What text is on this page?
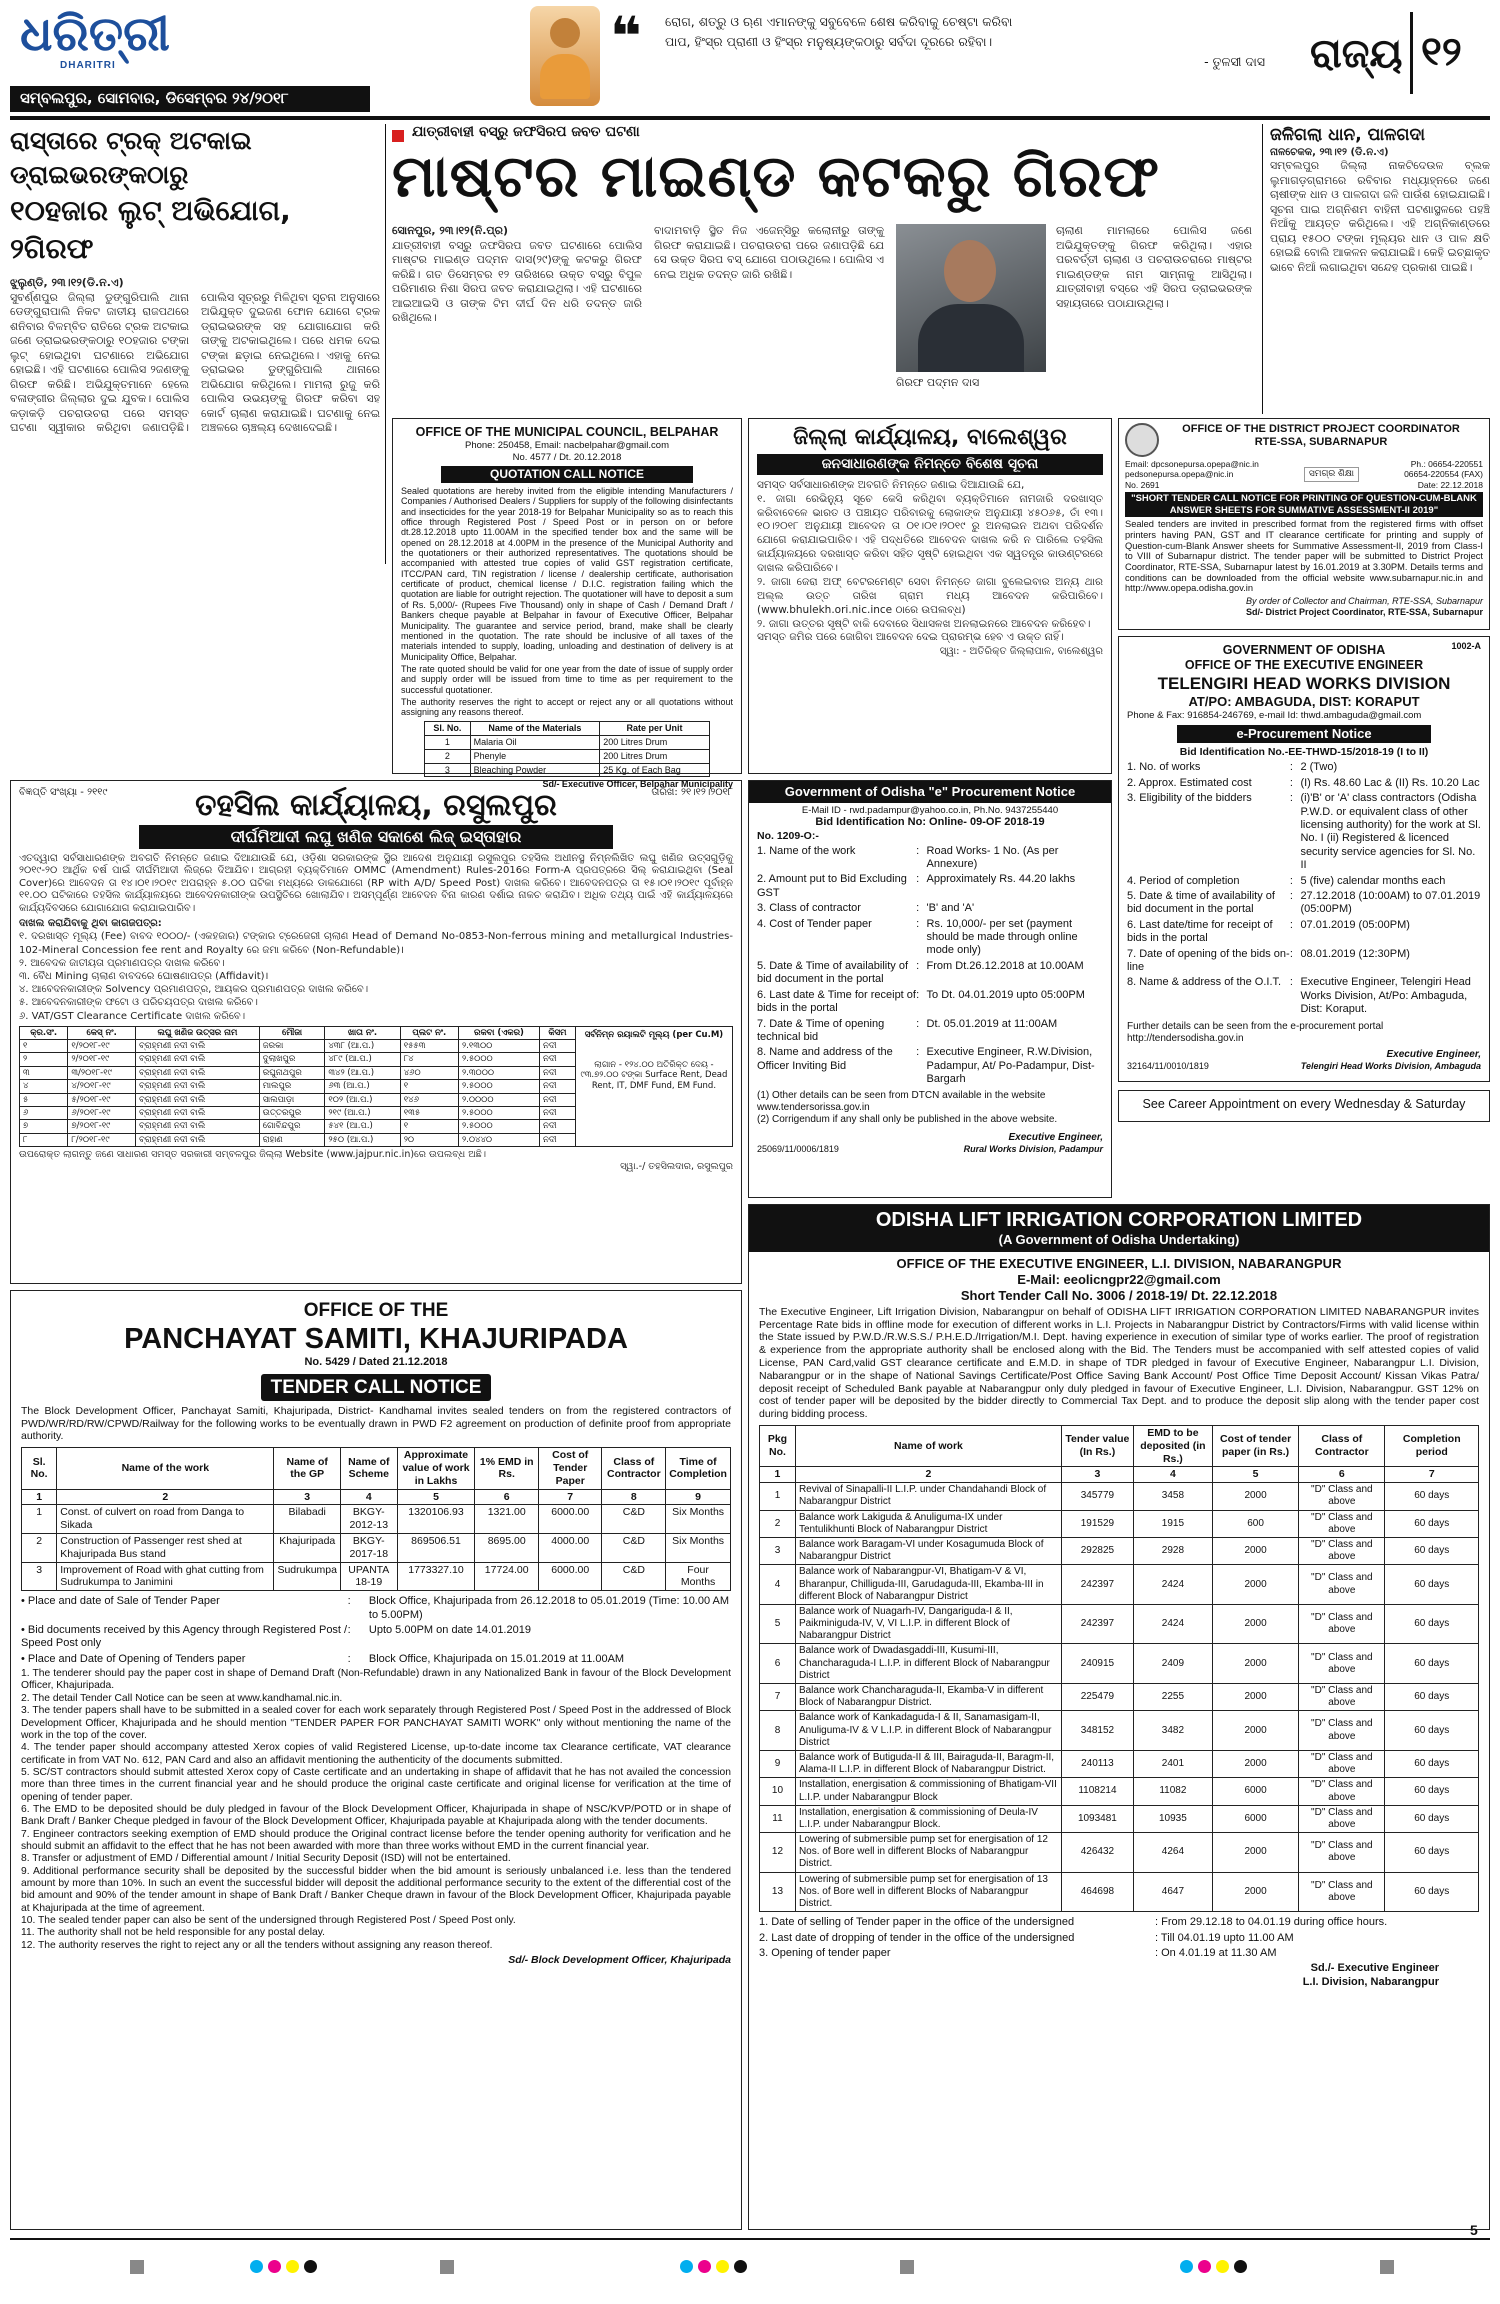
ଧରିତ୍ରୀ
DHARITRI
ସମ୍ବଲପୁର, ସୋମବାର, ଡିସେମ୍ବର ୨୪/୨୦୧୮
❝ ରୋଗ, ଶତ୍ରୁ ଓ ଋଣ ଏମାନଙ୍କୁ ସବୁବେଳେ ଶେଷ କରିବାକୁ ଚେଷ୍ଟା କରିବା
ପାପ, ହିଂସ୍ର ପ୍ରାଣୀ ଓ ହିଂସ୍ର ମନୁଷ୍ୟଙ୍କଠାରୁ ସର୍ବଦା ଦୂରରେ ରହିବା।
- ତୁଳସୀ ଦାସ	ରାଜ୍ୟ ୧୨
ରାସ୍ତାରେ ଟ୍ରକ୍ ଅଟକାଇ ଡ୍ରାଇଭରଙ୍କଠାରୁ
୧୦ହଜାର ଲୁଟ୍ ଅଭିଯୋଗ, ୨ଗିରଫ
ଝୁଲୁଣ୍ଡି, ୨୩।୧୨(ଡି.ନ.ଏ)
ସୁବର୍ଣ୍ଣପୁର ଜିଲ୍ଲା ଡୁଙ୍ଗୁରିପାଲି ଥାନା ଡେଙ୍ଗୁରାପାଲି ନିକଟ ଜାତୀୟ ରାଜପଥରେ ଶନିବାର ବିଳମ୍ବିତ ରାତିରେ ଟ୍ରକ ଅଟକାଇ ଜଣେ ଡ୍ରାଇଭରଙ୍କଠାରୁ ୧୦ହଜାର ଟଙ୍କା ଲୁଟ୍ ହୋଇଥିବା ଘଟଣାରେ ଅଭିଯୋଗ ହୋଇଛି। ଏହି ଘଟଣାରେ ପୋଲିସ ୨ଜଣଙ୍କୁ ଗିରଫ କରିଛି। ଅଭିଯୁକ୍ତମାନେ ହେଲେ ବଳାଙ୍ଗୀର ଜିଲ୍ଲାର ଦୁଇ ଯୁବକ। ପୋଲିସ କଡ଼ାକଡ଼ି ପଚରାଉଚରା ପରେ ସମସ୍ତ ଘଟଣା ସ୍ୱୀକାର କରିଥିବା ଜଣାପଡ଼ିଛି। ପୋଲିସ ସୂତ୍ରରୁ ମିଳିଥିବା ସୂଚନା ଅନୁସାରେ ଅଭିଯୁକ୍ତ ଦୁଇଜଣ ଫୋନ ଯୋଗେ ଟ୍ରକ ଡ୍ରାଇଭରଙ୍କ ସହ ଯୋଗାଯୋଗ କରି ତାଙ୍କୁ ଅଟକାଇଥିଲେ। ପରେ ଧମକ ଦେଇ ଟଙ୍କା ଛଡ଼ାଇ ନେଇଥିଲେ। ଏହାକୁ ନେଇ ଡ୍ରାଇଭର ଡୁଙ୍ଗୁରିପାଲି ଥାନାରେ ଅଭିଯୋଗ କରିଥିଲେ। ମାମଲା ରୁଜୁ କରି ପୋଲିସ ଉଭୟଙ୍କୁ ଗିରଫ କରିବା ସହ କୋର୍ଟ ଚାଲାଣ କରାଯାଇଛି। ଘଟଣାକୁ ନେଇ ଅଞ୍ଚଳରେ ଚାଞ୍ଚଲ୍ୟ ଦେଖାଦେଇଛି।
ଯାତ୍ରୀବାହୀ ବସ୍‌ରୁ ଜଫସିରପ ଜବତ ଘଟଣା
ମାଷ୍ଟର ମାଇଣ୍ଡ କଟକରୁ ଗିରଫ
ସୋନପୁର, ୨୩।୧୨(ନି.ପ୍ର)
ଯାତ୍ରୀବାହୀ ବସ୍‌ରୁ ଜଫସିରପ ଜବତ ଘଟଣାରେ ପୋଲିସ ମାଷ୍ଟର ମାଇଣ୍ଡ ପଦ୍ମନ ଦାସ(୨୯)ଙ୍କୁ କଟକରୁ ଗିରଫ କରିଛି। ଗତ ଡିସେମ୍ବର ୧୨ ତାରିଖରେ ଉକ୍ତ ବସ୍‌ରୁ ବିପୁଳ ପରିମାଣର ନିଶା ସିରପ ଜବତ କରାଯାଇଥିଲା। ଏହି ଘଟଣାରେ ଆଇଆଇସି ଓ ତାଙ୍କ ଟିମ ଦୀର୍ଘ ଦିନ ଧରି ତଦନ୍ତ ଜାରି ରଖିଥିଲେ।
ବାଦାମବାଡ଼ି ସ୍ଥିତ ନିଜ ଏଜେନ୍ସିରୁ କଲୋନୀରୁ ତାଙ୍କୁ ଗିରଫ କରାଯାଇଛି। ପଚରାଉଚରା ପରେ ଜଣାପଡ଼ିଛି ଯେ ସେ ଉକ୍ତ ସିରପ ବସ୍ ଯୋଗେ ପଠାଉଥିଲେ। ପୋଲିସ ଏ ନେଇ ଅଧିକ ତଦନ୍ତ ଜାରି ରଖିଛି।
ଗିରଫ ପଦ୍ମନ ଦାସ
ଚାଲାଣ ମାମଲାରେ ପୋଲିସ ଜଣେ ଅଭିଯୁକ୍ତଙ୍କୁ ଗିରଫ କରିଥିଲା। ଏହାର ପରବର୍ତ୍ତୀ ଚାଲାଣ ଓ ପଚରାଉଚରାରେ ମାଷ୍ଟର ମାଇଣ୍ଡଙ୍କ ନାମ ସାମ୍ନାକୁ ଆସିଥିଲା। ଯାତ୍ରୀବାହୀ ବସ୍‌ରେ ଏହି ସିରପ ଡ୍ରାଇଭରଙ୍କ ସହାୟତାରେ ପଠାଯାଉଥିଲା।
ଜଳିଗଲା ଧାନ, ପାଳଗଦା
ନାଳଚେକକ, ୨୩।୧୨ (ଡି.ନ.ଏ)
ସମ୍ବଲପୁର ଜିଲ୍ଲା ନାକଟିଦେଉଳ ବ୍ଲକ ଲୁମାଗଡ଼ଗ୍ରାମରେ ରବିବାର ମଧ୍ୟାହ୍ନରେ ଜଣେ ଚାଷୀଙ୍କ ଧାନ ଓ ପାଳଗଦା ଜଳି ପାଉଁଶ ହୋଇଯାଇଛି। ସୂଚନା ପାଇ ଅଗ୍ନିଶମ ବାହିନୀ ଘଟଣାସ୍ଥଳରେ ପହଞ୍ଚି ନିଆଁକୁ ଆୟତ୍ତ କରିଥିଲେ। ଏହି ଅଗ୍ନିକାଣ୍ଡରେ ପ୍ରାୟ ୧୫୦୦ ଟଙ୍କା ମୂଲ୍ୟର ଧାନ ଓ ପାଳ କ୍ଷତି ହୋଇଛି ବୋଲି ଆକଳନ କରାଯାଇଛି। କେହି ଇଚ୍ଛାକୃତ ଭାବେ ନିଆଁ ଲଗାଇଥିବା ସନ୍ଦେହ ପ୍ରକାଶ ପାଇଛି।
OFFICE OF THE MUNICIPAL COUNCIL, BELPAHAR
Phone: 250458, Email: nacbelpahar@gmail.com
No. 4577 / Dt. 20.12.2018
QUOTATION CALL NOTICE
Sealed quotations are hereby invited from the eligible intending Manufacturers / Companies / Authorised Dealers / Suppliers for supply of the following disinfectants and insecticides for the year 2018-19 for Belpahar Municipality so as to reach this office through Registered Post / Speed Post or in person on or before dt.28.12.2018 upto 11.00AM in the specified tender box and the same will be opened on 28.12.2018 at 4.00PM in the presence of the Municipal Authority and the quotationers or their authorized representatives. The quotations should be accompanied with attested true copies of valid GST registration certificate, ITCC/PAN card, TIN registration / license / dealership certificate, authorisation certificate of product, chemical license / D.I.C. registration failing which the quotation are liable for outright rejection. The quotationer will have to deposit a sum of Rs. 5,000/- (Rupees Five Thousand) only in shape of Cash / Demand Draft / Bankers cheque payable at Belpahar in favour of Executive Officer, Belpahar Municipality. The guarantee and service period, brand, make shall be clearly mentioned in the quotation. The rate should be inclusive of all taxes of the materials intended to supply, loading, unloading and destination of delivery is at Municipality Office, Belpahar.
The rate quoted should be valid for one year from the date of issue of supply order and supply order will be issued from time to time as per requirement to the successful quotationer.
The authority reserves the right to accept or reject any or all quotations without assigning any reasons thereof.
Sl. No.	Name of the Materials	Rate per Unit
1	Malaria Oil	200 Litres Drum
2	Phenyle	200 Litres Drum
3	Bleaching Powder	25 Kg. of Each Bag
Sd/- Executive Officer, Belpahar Municipality
ଜିଲ୍ଲା କାର୍ଯ୍ୟାଳୟ, ବାଲେଶ୍ୱର
ଜନସାଧାରଣଙ୍କ ନିମନ୍ତେ ବିଶେଷ ସୂଚନା
ସମସ୍ତ ସର୍ବସାଧାରଣଙ୍କ ଅବଗତି ନିମନ୍ତେ ଜଣାଇ ଦିଆଯାଉଛି ଯେ,
୧. ଜାଗା ରେଭିନ୍ୟୁ ସୂଚେ କେସି କରିଥିବା ବ୍ୟକ୍ତିମାନେ ନାମଜାରି ଦରଖାସ୍ତ କରିବାବେଳେ ଭାରତ ଓ ପଞ୍ଚାୟତ ପରିବାରକୁ ଲୋକାଙ୍କ ଅନୁଯାୟୀ ୪୫୦୬୫, ତାଁ ୧୩।୧୦।୨୦୧୮ ଅନୁଯାୟୀ ଆବେଦନ ତା ୦୧।୦୧।୨୦୧୯ ରୁ ଅନଲାଇନ ଅଥବା ପରିଦର୍ଶନ ଯୋଗେ କରାଯାଇପାରିବ। ଏହି ପଦ୍ଧତିରେ ଆବେଦନ ଦାଖଲ କରି ନ ପାରିଲେ ତହସିଲ କାର୍ଯ୍ୟାଳୟରେ ଦରଖାସ୍ତ କରିବା ସହିତ ସୃଷ୍ଟି ହୋଇଥିବା ଏକ ସ୍ୱତନ୍ତ୍ର କାଉଣ୍ଟରରେ ଦାଖଲ କରିପାରିବେ।
୨. ଜାଗା ଜେରା ଅଫ୍ ବେଟରମେଣ୍ଟ ସେବା ନିମନ୍ତେ ଜାଗା ବୁଲେଇବାର ଅନ୍ୟ ଥାର ଅଲ୍ଲ ଉତ୍ତ ତାରିଖ ଗ୍ରାମ ମଧ୍ୟ ଆବେଦନ କରିପାରିବେ। (www.bhulekh.ori.nic.ince ଠାରେ ଉପଲବ୍ଧ)
୨. ଜାଗା ଉତ୍ତର ସୃଷ୍ଟି ବାକି ଦେବାରେ ସିଧାସଳଖ ଅନଲାଇନରେ ଆବେଦନ କରିହେବ।
ସମସ୍ତ ଜମିର ପରେ ଜୋଗିବା ଆବେଦନ ଦେଇ ପ୍ରାରମ୍ଭ ହେବ ଏ ଉକ୍ତ ନାହିଁ।
ସ୍ୱା: - ଅତିରିକ୍ତ ଜିଲ୍ଲାପାଳ, ବାଲେଶ୍ୱର
OFFICE OF THE DISTRICT PROJECT COORDINATOR
RTE-SSA, SUBARNAPUR
Email: dpcsonepursa.opepa@nic.in
pedsonepursa.opepa@nic.in
No. 2691
ସମଗ୍ର ଶିକ୍ଷା
Ph.: 06654-220551
06654-220554 (FAX)
Date: 22.12.2018
"SHORT TENDER CALL NOTICE FOR PRINTING OF QUESTION-CUM-BLANK ANSWER SHEETS FOR SUMMATIVE ASSESSMENT-II 2019"
Sealed tenders are invited in prescribed format from the registered firms with offset printers having PAN, GST and IT clearance certificate for printing and supply of Question-cum-Blank Answer sheets for Summative Assessment-II, 2019 from Class-I to VIII of Subarnapur district. The tender paper will be submitted to District Project Coordinator, RTE-SSA, Subarnapur latest by 16.01.2019 at 3.30PM. Details terms and conditions can be downloaded from the official website www.subarnapur.nic.in and http://www.opepa.odisha.gov.in
By order of Collector and Chairman, RTE-SSA, Subarnapur
Sd/- District Project Coordinator, RTE-SSA, Subarnapur
1002-A
GOVERNMENT OF ODISHA
OFFICE OF THE EXECUTIVE ENGINEER
TELENGIRI HEAD WORKS DIVISION
AT/PO: AMBAGUDA, DIST: KORAPUT
Phone & Fax: 916854-246769, e-mail Id: thwd.ambaguda@gmail.com
e-Procurement Notice
Bid Identification No.-EE-THWD-15/2018-19 (I to II)
1. No. of works	: 2 (Two)
2. Approx. Estimated cost	: (I) Rs. 48.60 Lac & (II) Rs. 10.20 Lac
3. Eligibility of the bidders	: (i)'B' or 'A' class contractors (Odisha P.W.D. or equivalent class of other licensing authority) for the work at Sl. No. I (ii) Registered & licenced security service agencies for Sl. No. II
4. Period of completion	: 5 (five) calendar months each
5. Date & time of availability of bid document in the portal
: 27.12.2018 (10:00AM) to 07.01.2019 (05:00PM)
6. Last date/time for receipt of bids in the portal
: 07.01.2019 (05:00PM)
7. Date of opening of the bids on-line
: 08.01.2019 (12:30PM)
8. Name & address of the O.I.T. : Executive Engineer, Telengiri Head Works Division, At/Po: Ambaguda, Dist: Koraput.
Further details can be seen from the e-procurement portal http://tendersodisha.gov.in
Executive Engineer,
32164/11/0010/1819	Telengiri Head Works Division, Ambaguda
See Career Appointment on every Wednesday & Saturday
ବିଜ୍ଞପ୍ତି ସଂଖ୍ୟା - ୨୧୧୯	ତାରିଖ: ୨୧।୧୨।୨୦୧୮
ତହସିଲ କାର୍ଯ୍ୟାଳୟ, ରସୁଲପୁର
ଦୀର୍ଘମିଆଦୀ ଲଘୁ ଖଣିଜ ସକାଶେ ଲିଜ୍ ଇସ୍ତାହାର
ଏତଦ୍ୱାରା ସର୍ବସାଧାରଣଙ୍କ ଅବଗତି ନିମନ୍ତେ ଜଣାଇ ଦିଆଯାଉଛି ଯେ, ଓଡ଼ିଶା ସରକାରଙ୍କ ସ୍ଥିର ଆଦେଶ ଅନୁଯାୟୀ ରସୁଲପୁର ତହସିଲ ଅଧୀନସ୍ଥ ନିମ୍ନଲିଖିତ ଲଘୁ ଖଣିଜ ଉତ୍ସଗୁଡ଼ିକୁ ୨୦୧୯-୨୦ ଆର୍ଥିକ ବର୍ଷ ପାଇଁ ଦୀର୍ଘମିଆଦୀ ଲିଜ୍‌ରେ ଦିଆଯିବ। ଆଗ୍ରହୀ ବ୍ୟକ୍ତିମାନେ OMMC (Amendment) Rules-2016ର Form-A ପ୍ରପତ୍ରରେ ସିଲ୍ କରାଯାଇଥିବା (Seal Cover)ରେ ଆବେଦନ ତା ୧୪।୦୧।୨୦୧୯ ଅପରାହ୍ନ ୫.୦୦ ଘଟିକା ମଧ୍ୟରେ ଡାକଯୋଗେ (RP with A/D/ Speed Post) ଦାଖଲ କରିବେ। ଆବେଦନପତ୍ର ତା ୧୫।୦୧।୨୦୧୯ ପୂର୍ବାହ୍ନ ୧୧.୦୦ ଘଟିକାରେ ତହସିଲ କାର୍ଯ୍ୟାଳୟରେ ଆବେଦନକାରୀଙ୍କ ଉପସ୍ଥିତିରେ ଖୋଲାଯିବ। ଅସମ୍ପୂର୍ଣ୍ଣ ଆବେଦନ ବିନା କାରଣ ଦର୍ଶାଇ ନାକଚ କରାଯିବ। ଅଧିକ ତଥ୍ୟ ପାଇଁ ଏହି କାର୍ଯ୍ୟାଳୟରେ କାର୍ଯ୍ୟଦିବସରେ ଯୋଗାଯୋଗ କରାଯାଇପାରିବ।
ଦାଖଲ କରାଯିବାକୁ ଥିବା କାଗଜପତ୍ର:
୧. ଦରଖାସ୍ତ ମୂଲ୍ୟ (Fee) ବାବଦ ୧୦୦୦/- (ଏକହଜାର) ଟଙ୍କାର ଟ୍ରେଜେରୀ ଚାଲାଣ Head of Demand No-0853-Non-ferrous mining and metallurgical Industries-102-Mineral Concession fee rent and Royalty ରେ ଜମା କରିବେ (Non-Refundable)।
୨. ଆବେଦକ ଜାତୀୟତା ପ୍ରମାଣପତ୍ର ଦାଖଲ କରିବେ।
୩. ବୈଧ Mining ଚାଲାଣ ବାବଦରେ ଘୋଷଣାପତ୍ର (Affidavit)।
୪. ଆବେଦନକାରୀଙ୍କ Solvency ପ୍ରମାଣପତ୍ର, ଆୟକର ପ୍ରମାଣପତ୍ର ଦାଖଲ କରିବେ।
୫. ଆବେଦନକାରୀଙ୍କ ଫଟୋ ଓ ପରିଚୟପତ୍ର ଦାଖଲ କରିବେ।
୬. VAT/GST Clearance Certificate ଦାଖଲ କରିବେ।
କ୍ର.ସଂ.	କେସ୍ ନଂ.	ଲଘୁ ଖଣିଜ ଉତ୍ସର ନାମ	ମୌଜା	ଖାତା ନଂ.	ପ୍ଲଟ ନଂ.	ରକବା (ଏକର)	କିସମ
୧	୧/୨୦୧୮-୧୯	ବ୍ରାହ୍ମଣୀ ନଦୀ ବାଲି	ଜରକା	୪୩୮ (ଆ.ପ.)	୧୫୫୩	୨.୧୩୦୦	ନଦୀ
୨	୨/୨୦୧୮-୧୯	ବ୍ରାହ୍ମଣୀ ନଦୀ ବାଲି	ଦୁଲାଖପୁର	୪୮୯ (ଆ.ପ.)	୮୪	୨.୫୦୦୦	ନଦୀ
୩	୩/୨୦୧୮-୧୯	ବ୍ରାହ୍ମଣୀ ନଦୀ ବାଲି	ରଘୁନାଥପୁର	୩୪୨ (ଆ.ପ.)	୪୬୦	୨.୩୦୦୦	ନଦୀ
୪	୪/୨୦୧୮-୧୯	ବ୍ରାହ୍ମଣୀ ନଦୀ ବାଲି	ମାଲପୁର	୬୩ (ଆ.ପ.)	୧	୨.୫୦୦୦	ନଦୀ
୫	୫/୨୦୧୮-୧୯	ବ୍ରାହ୍ମଣୀ ନଦୀ ବାଲି	ସାଲପାଡ଼ା	୧୦୨ (ଆ.ପ.)	୧୪୬	୨.୦୦୦୦	ନଦୀ
୬	୬/୨୦୧୮-୧୯	ବ୍ରାହ୍ମଣୀ ନଦୀ ବାଲି	ଉତ୍ତରପୁର	୨୧୯ (ଆ.ପ.)	୧୩୫	୨.୫୦୦୦	ନଦୀ
୭	୭/୨୦୧୮-୧୯	ବ୍ରାହ୍ମଣୀ ନଦୀ ବାଲି	ଗୋବିନ୍ଦପୁର	୫୪୧ (ଆ.ପ.)	୧	୨.୫୦୦୦	ନଦୀ
୮	୮/୨୦୧୮-୧୯	ବ୍ରାହ୍ମଣୀ ନଦୀ ବାଲି	ରାହାଣ	୨୫୦ (ଆ.ପ.)	୨୦	୨.୦୪୪୦	ନଦୀ
ସର୍ବନିମ୍ନ ରୟାଲଟି ମୂଲ୍ୟ (per Cu.M)
ଲାଗାନ - ୧୨୪.୦୦ ଅତିରିକ୍ତ ଦେୟ - ୯୩.୭୨.୦୦ ଟଙ୍କା Surface Rent, Dead Rent, IT, DMF Fund, EM Fund.
ଉପରୋକ୍ତ ଲାଗନ୍ତୁ ଜଣେ ସାଧାରଣ ସମସ୍ତ ସରକାରୀ ସମ୍ବଳପୁର ଜିଲ୍ଲା Website (www.jajpur.nic.in)ରେ ଉପଲବ୍ଧ ଅଛି।
ସ୍ୱା.-/ ତହସିଲଦାର, ରସୁଲପୁର
Government of Odisha "e" Procurement Notice
E-Mail ID - rwd.padampur@yahoo.co.in, Ph.No. 9437255440
Bid Identification No: Online- 09-OF 2018-19
No. 1209-O:-
1. Name of the work	: Road Works- 1 No. (As per Annexure)
2. Amount put to Bid Excluding GST
: Approximately Rs. 44.20 lakhs
3. Class of contractor	: 'B' and 'A'
4. Cost of Tender paper	: Rs. 10,000/- per set (payment should be made through online mode only)
5. Date & Time of availability of bid document in the portal
: From Dt.26.12.2018 at 10.00AM
6. Last date & Time for receipt of bids in the portal
: To Dt. 04.01.2019 upto 05:00PM
7. Date & Time of opening technical bid
: Dt. 05.01.2019 at 11:00AM
8. Name and address of the Officer Inviting Bid
: Executive Engineer, R.W.Division, Padampur, At/ Po-Padampur, Dist- Bargarh
(1) Other details can be seen from DTCN available in the website www.tendersorissa.gov.in
(2) Corrigendum if any shall only be published in the above website.
Executive Engineer,
25069/11/0006/1819	Rural Works Division, Padampur
OFFICE OF THE
PANCHAYAT SAMITI, KHAJURIPADA
No. 5429 / Dated 21.12.2018
TENDER CALL NOTICE
The Block Development Officer, Panchayat Samiti, Khajuripada, District- Kandhamal invites sealed tenders on from the registered contractors of PWD/WR/RD/RW/CPWD/Railway for the following works to be eventually drawn in PWD F2 agreement on production of definite proof from appropriate authority.
Sl. No.	Name of the work	Name of the GP	Name of Scheme	Approximate value of work in Lakhs	1% EMD in Rs.	Cost of Tender Paper	Class of Contractor	Time of Completion
1	2	3	4	5	6	7	8	9
1	Const. of culvert on road from Danga to Sikada	Bilabadi	BKGY-2012-13	1320106.93	1321.00	6000.00	C&D	Six Months
2	Construction of Passenger rest shed at Khajuripada Bus stand	Khajuripada	BKGY-2017-18	869506.51	8695.00	4000.00	C&D	Six Months
3	Improvement of Road with ghat cutting from Sudrukumpa to Janimini	Sudrukumpa	UPANTA 18-19	1773327.10	17724.00	6000.00	C&D	Four Months
• Place and date of Sale of Tender Paper	:	Block Office, Khajuripada from 26.12.2018 to 05.01.2019 (Time: 10.00 AM to 5.00PM)
• Bid documents received by this Agency through Registered Post / Speed Post only
:	Upto 5.00PM on date 14.01.2019
• Place and Date of Opening of Tenders paper	:	Block Office, Khajuripada on 15.01.2019 at 11.00AM
1. The tenderer should pay the paper cost in shape of Demand Draft (Non-Refundable) drawn in any Nationalized Bank in favour of the Block Development Officer, Khajuripada.
2. The detail Tender Call Notice can be seen at www.kandhamal.nic.in.
3. The tender papers shall have to be submitted in a sealed cover for each work separately through Registered Post / Speed Post in the addressed of Block Development Officer, Khajuripada and he should mention "TENDER PAPER FOR PANCHAYAT SAMITI WORK" only without mentioning the name of the work in the top of the cover.
4. The tender paper should accompany attested Xerox copies of valid Registered License, up-to-date income tax Clearance certificate, VAT clearance certificate in from VAT No. 612, PAN Card and also an affidavit mentioning the authenticity of the documents submitted.
5. SC/ST contractors should submit attested Xerox copy of Caste certificate and an undertaking in shape of affidavit that he has not availed the concession more than three times in the current financial year and he should produce the original caste certificate and original license for verification at the time of opening of tender paper.
6. The EMD to be deposited should be duly pledged in favour of the Block Development Officer, Khajuripada in shape of NSC/KVP/POTD or in shape of Bank Draft / Banker Cheque pledged in favour of the Block Development Officer, Khajuripada payable at Khajuripada along with the tender documents.
7. Engineer contractors seeking exemption of EMD should produce the Original contract license before the tender opening authority for verification and he should submit an affidavit to the effect that he has not been awarded with more than three works without EMD in the current financial year.
8. Transfer or adjustment of EMD / Differential amount / Initial Security Deposit (ISD) will not be entertained.
9. Additional performance security shall be deposited by the successful bidder when the bid amount is seriously unbalanced i.e. less than the tendered amount by more than 10%. In such an event the successful bidder will deposit the additional performance security to the extent of the differential cost of the bid amount and 90% of the tender amount in shape of Bank Draft / Banker Cheque drawn in favour of the Block Development Officer, Khajuripada payable at Khajuripada at the time of agreement.
10. The sealed tender paper can also be sent of the undersigned through Registered Post / Speed Post only.
11. The authority shall not be held responsible for any postal delay.
12. The authority reserves the right to reject any or all the tenders without assigning any reason thereof.
Sd/- Block Development Officer, Khajuripada
ODISHA LIFT IRRIGATION CORPORATION LIMITED
(A Government of Odisha Undertaking)
OFFICE OF THE EXECUTIVE ENGINEER, L.I. DIVISION, NABARANGPUR
E-Mail: eeolicngpr22@gmail.com
Short Tender Call No. 3006 / 2018-19/ Dt. 22.12.2018
The Executive Engineer, Lift Irrigation Division, Nabarangpur on behalf of ODISHA LIFT IRRIGATION CORPORATION LIMITED NABARANGPUR invites Percentage Rate bids in offline mode for execution of different works in L.I. Projects in Nabarangpur District by Contractors/Firms with valid license within the State issued by P.W.D./R.W.S.S./ P.H.E.D./Irrigation/M.I. Dept. having experience in execution of similar type of works earlier. The proof of registration & experience from the appropriate authority shall be enclosed along with the Bid. The Tenders must be accompanied with self attested copies of valid License, PAN Card,valid GST clearance certificate and E.M.D. in shape of TDR pledged in favour of Executive Engineer, Nabarangpur L.I. Division, Nabarangpur or in the shape of National Savings Certificate/Post Office Saving Bank Account/ Post Office Time Deposit Account/ Kissan Vikas Patra/ deposit receipt of Scheduled Bank payable at Nabarangpur only duly pledged in favour of Executive Engineer, L.I. Division, Nabarangpur. GST 12% on cost of tender paper will be deposited by the bidder directly to Commercial Tax Dept. and to produce the deposit slip along with the tender paper cost during bidding process.
Pkg No.	Name of work	Tender value (In Rs.)	EMD to be deposited (in Rs.)	Cost of tender paper (in Rs.)	Class of Contractor	Completion period
1	2	3	4	5	6	7
1	Revival of Sinapalli-II L.I.P. under Chandahandi Block of Nabarangpur District	345779	3458	2000	"D" Class and above	60 days
2	Balance work Lakiguda & Anuliguma-IX under Tentulikhunti Block of Nabarangpur District	191529	1915	600	"D" Class and above	60 days
3	Balance work Baragam-VI under Kosagumuda Block of Nabarangpur District	292825	2928	2000	"D" Class and above	60 days
4	Balance work of Nabarangpur-VI, Bhatigam-V & VI, Bharanpur, Chilliguda-III, Garudaguda-III, Ekamba-III in different Block of Nabarangpur District	242397	2424	2000	"D" Class and above	60 days
5	Balance work of Nuagarh-IV, Dangariguda-I & II, Paikminiguda-IV, V, VI L.I.P. in different Block of Nabarangpur District	242397	2424	2000	"D" Class and above	60 days
6	Balance work of Dwadasgaddi-III, Kusumi-III, Chancharaguda-I L.I.P. in different Block of Nabarangpur District	240915	2409	2000	"D" Class and above	60 days
7	Balance work Chancharaguda-II, Ekamba-V in different Block of Nabarangpur District.	225479	2255	2000	"D" Class and above	60 days
8	Balance work of Kankadaguda-I & II, Sanamasigam-II, Anuliguma-IV & V L.I.P. in different Block of Nabarangpur District	348152	3482	2000	"D" Class and above	60 days
9	Balance work of Butiguda-II & III, Bairaguda-II, Baragm-II, Alama-II L.I.P. in different Block of Nabarangpur District.	240113	2401	2000	"D" Class and above	60 days
10	Installation, energisation & commissioning of Bhatigam-VII L.I.P. under Nabarangpur Block	1108214	11082	6000	"D" Class and above	60 days
11	Installation, energisation & commissioning of Deula-IV L.I.P. under Nabarangpur Block.	1093481	10935	6000	"D" Class and above	60 days
12	Lowering of submersible pump set for energisation of 12 Nos. of Bore well in different Blocks of Nabarangpur District.	426432	4264	2000	"D" Class and above	60 days
13	Lowering of submersible pump set for energisation of 13 Nos. of Bore well in different Blocks of Nabarangpur District.	464698	4647	2000	"D" Class and above	60 days
1. Date of selling of Tender paper in the office of the undersigned	: From 29.12.18 to 04.01.19 during office hours.
2. Last date of dropping of tender in the office of the undersigned	: Till 04.01.19 upto 11.00 AM
3. Opening of tender paper	: On 4.01.19 at 11.30 AM
Sd./- Executive Engineer
L.I. Division, Nabarangpur
5
